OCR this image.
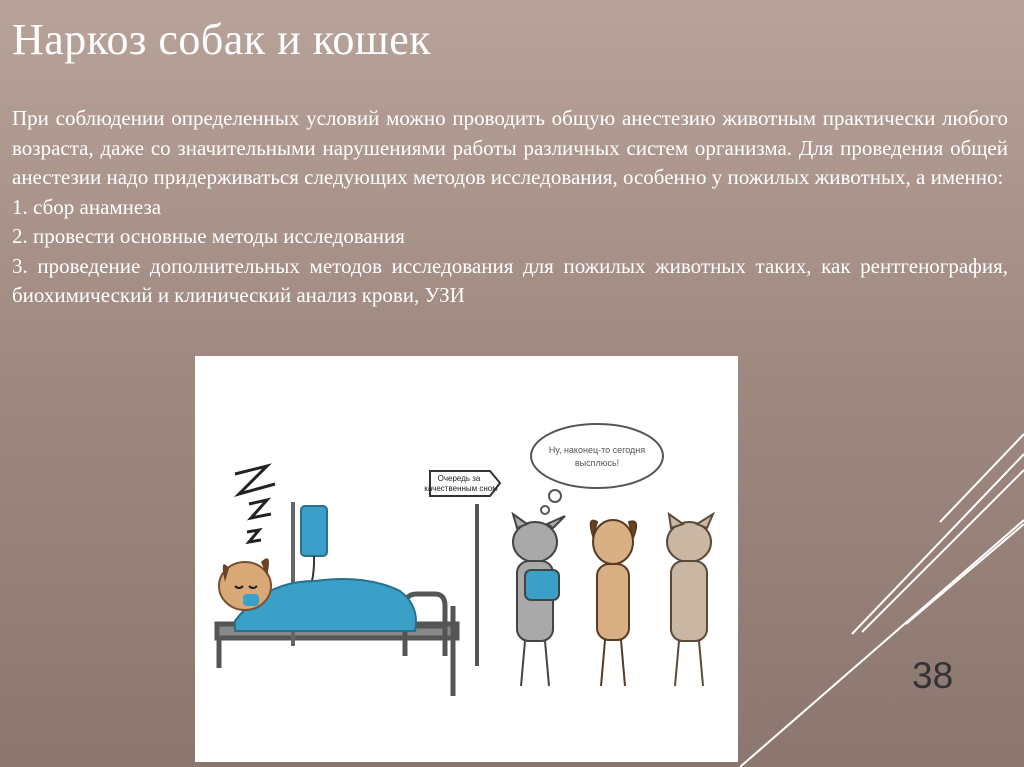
Наркоз собак и кошек

При соблюдении определенных условий можно проводить общую анестезию животным практически любого возраста, даже со значительными нарушениями работы различных систем организма. Для проведения общей анестезии надо придерживаться следующих методов исследования, особенно у пожилых животных, а именно:

1. сбор анамнеза
2. провести основные методы исследования
3. проведение дополнительных методов исследования для пожилых животных таких, как рентгенография, биохимический и клинический анализ крови, УЗИ
Очередь за
качественным сном
Ну, наконец-то сегодня
высплюсь!
38
